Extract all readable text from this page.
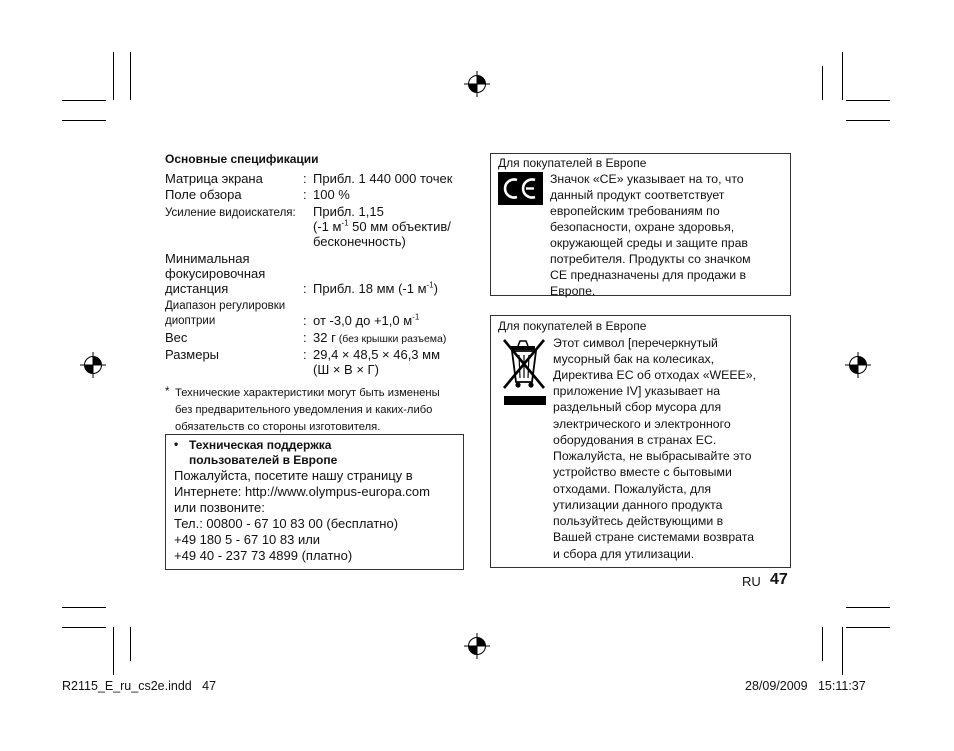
Основные спецификации
Матрица экрана	: Прибл. 1 440 000 точек
Поле обзора	: 100 %
Усиление видоискателя: Прибл. 1,15
(-1 $м^{-1}$ 50 мм объектив/
бесконечность)
Минимальная
фокусировочная
дистанция	: Прибл. 18 мм (-1 $м^{-1}$)
Диапазон регулировки
диоптрии	: от -3,0 до +1,0 $м^{-1}$
Вес	: 32 г (без крышки разъема)
Размеры	: 29,4 × 48,5 × 46,3 мм
(Ш × В × Г)
* Технические характеристики могут быть изменены
без предварительного уведомления и каких-либо
обязательств со стороны изготовителя.
• Техническая поддержка
пользователей в Европе
Пожалуйста, посетите нашу страницу в
Интернете: http://www.olympus-europa.com
или позвоните:
Тел.: 00800 - 67 10 83 00 (бесплатно)
+49 180 5 - 67 10 83 или
+49 40 - 237 73 4899 (платно)
Для покупателей в Европе
Значок «CE» указывает на то, что
данный продукт соответствует
европейским требованиям по
безопасности, охране здоровья,
окружающей среды и защите прав
потребителя. Продукты со значком
CE предназначены для продажи в
Европе.
Для покупателей в Европе
Этот символ [перечеркнутый
мусорный бак на колесиках,
Директива ЕС об отходах «WEEE»,
приложение IV] указывает на
раздельный сбор мусора для
электрического и электронного
оборудования в странах ЕС.
Пожалуйста, не выбрасывайте это
устройство вместе с бытовыми
отходами. Пожалуйста, для
утилизации данного продукта
пользуйтесь действующими в
Вашей стране системами возврата
и сбора для утилизации.
RU 47
R2115_E_ru_cs2e.indd   47	28/09/2009   15:11:37
